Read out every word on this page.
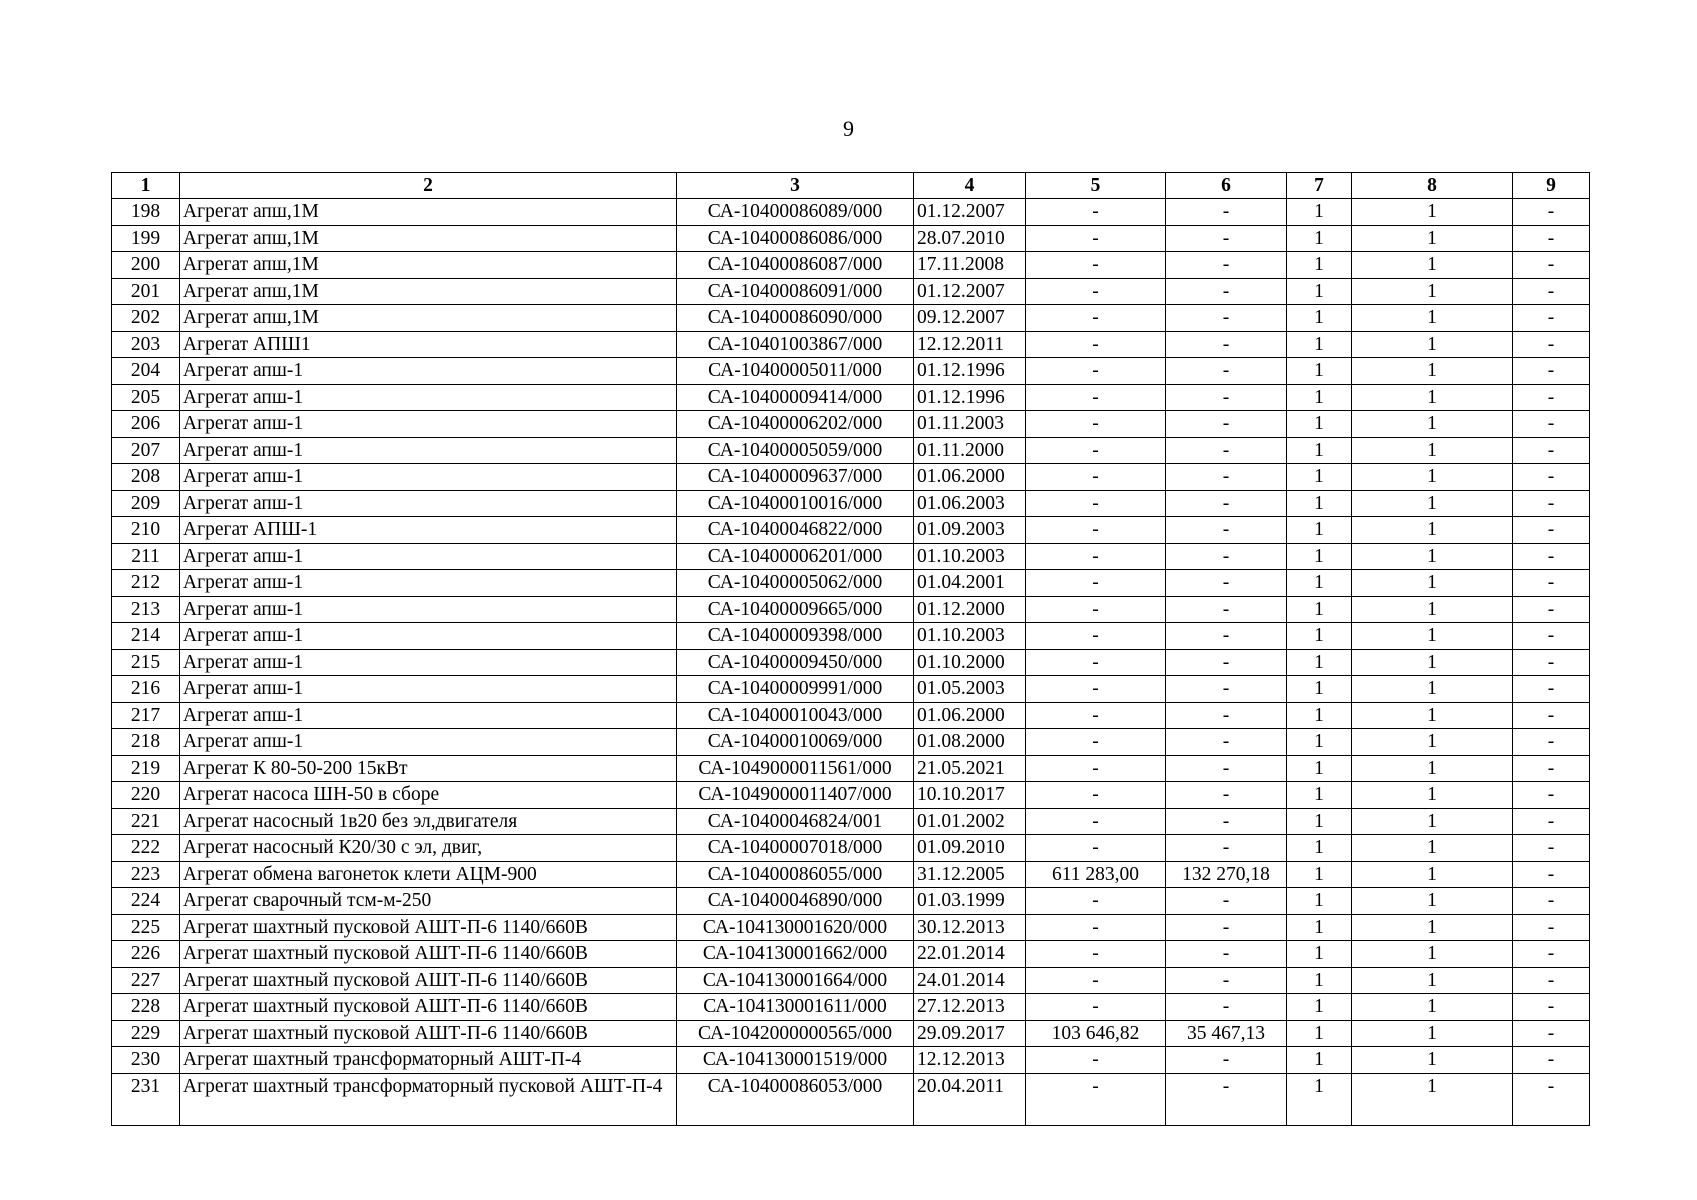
9
1	2	3	4	5	6	7	8	9
198	Агрегат апш,1М	СА-10400086089/000	01.12.2007	-	-	1	1	-
199	Агрегат апш,1М	СА-10400086086/000	28.07.2010	-	-	1	1	-
200	Агрегат апш,1М	СА-10400086087/000	17.11.2008	-	-	1	1	-
201	Агрегат апш,1М	СА-10400086091/000	01.12.2007	-	-	1	1	-
202	Агрегат апш,1М	СА-10400086090/000	09.12.2007	-	-	1	1	-
203	Агрегат АПШ1	СА-10401003867/000	12.12.2011	-	-	1	1	-
204	Агрегат апш-1	СА-10400005011/000	01.12.1996	-	-	1	1	-
205	Агрегат апш-1	СА-10400009414/000	01.12.1996	-	-	1	1	-
206	Агрегат апш-1	СА-10400006202/000	01.11.2003	-	-	1	1	-
207	Агрегат апш-1	СА-10400005059/000	01.11.2000	-	-	1	1	-
208	Агрегат апш-1	СА-10400009637/000	01.06.2000	-	-	1	1	-
209	Агрегат апш-1	СА-10400010016/000	01.06.2003	-	-	1	1	-
210	Агрегат АПШ-1	СА-10400046822/000	01.09.2003	-	-	1	1	-
211	Агрегат апш-1	СА-10400006201/000	01.10.2003	-	-	1	1	-
212	Агрегат апш-1	СА-10400005062/000	01.04.2001	-	-	1	1	-
213	Агрегат апш-1	СА-10400009665/000	01.12.2000	-	-	1	1	-
214	Агрегат апш-1	СА-10400009398/000	01.10.2003	-	-	1	1	-
215	Агрегат апш-1	СА-10400009450/000	01.10.2000	-	-	1	1	-
216	Агрегат апш-1	СА-10400009991/000	01.05.2003	-	-	1	1	-
217	Агрегат апш-1	СА-10400010043/000	01.06.2000	-	-	1	1	-
218	Агрегат апш-1	СА-10400010069/000	01.08.2000	-	-	1	1	-
219	Агрегат К 80-50-200 15кВт	СА-1049000011561/000	21.05.2021	-	-	1	1	-
220	Агрегат насоса ШН-50 в сборе	СА-1049000011407/000	10.10.2017	-	-	1	1	-
221	Агрегат насосный 1в20 без эл,двигателя	СА-10400046824/001	01.01.2002	-	-	1	1	-
222	Агрегат насосный К20/30 с эл, двиг,	СА-10400007018/000	01.09.2010	-	-	1	1	-
223	Агрегат обмена вагонеток клети АЦМ-900	СА-10400086055/000	31.12.2005	611 283,00	132 270,18	1	1	-
224	Агрегат сварочный тсм-м-250	СА-10400046890/000	01.03.1999	-	-	1	1	-
225	Агрегат шахтный пусковой АШТ-П-6 1140/660В	СА-104130001620/000	30.12.2013	-	-	1	1	-
226	Агрегат шахтный пусковой АШТ-П-6 1140/660В	СА-104130001662/000	22.01.2014	-	-	1	1	-
227	Агрегат шахтный пусковой АШТ-П-6 1140/660В	СА-104130001664/000	24.01.2014	-	-	1	1	-
228	Агрегат шахтный пусковой АШТ-П-6 1140/660В	СА-104130001611/000	27.12.2013	-	-	1	1	-
229	Агрегат шахтный пусковой АШТ-П-6 1140/660В	СА-1042000000565/000	29.09.2017	103 646,82	35 467,13	1	1	-
230	Агрегат шахтный трансформаторный АШТ-П-4	СА-104130001519/000	12.12.2013	-	-	1	1	-
231	Агрегат шахтный трансформаторный пусковой АШТ-П-4	СА-10400086053/000	20.04.2011	-	-	1	1	-
